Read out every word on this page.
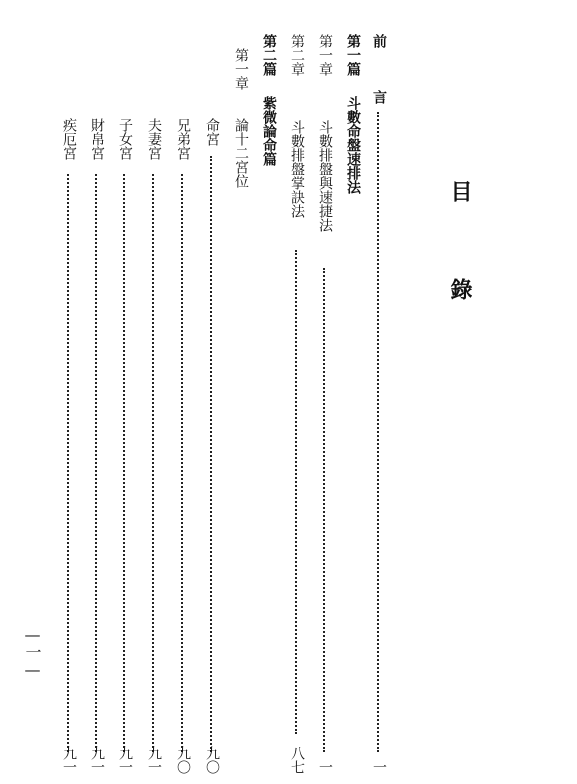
目錄
前
言
一
第一篇
斗數命盤速排法
第一章
斗數排盤與速捷法
一
第二章
斗數排盤掌訣法
八七
第二篇
紫微論命篇
第一章
論十二宮位
命宮
九〇
兄弟宮
九〇
夫妻宮
九一
子女宮
九一
財帛宮
九一
疾厄宮
九一
—一—
